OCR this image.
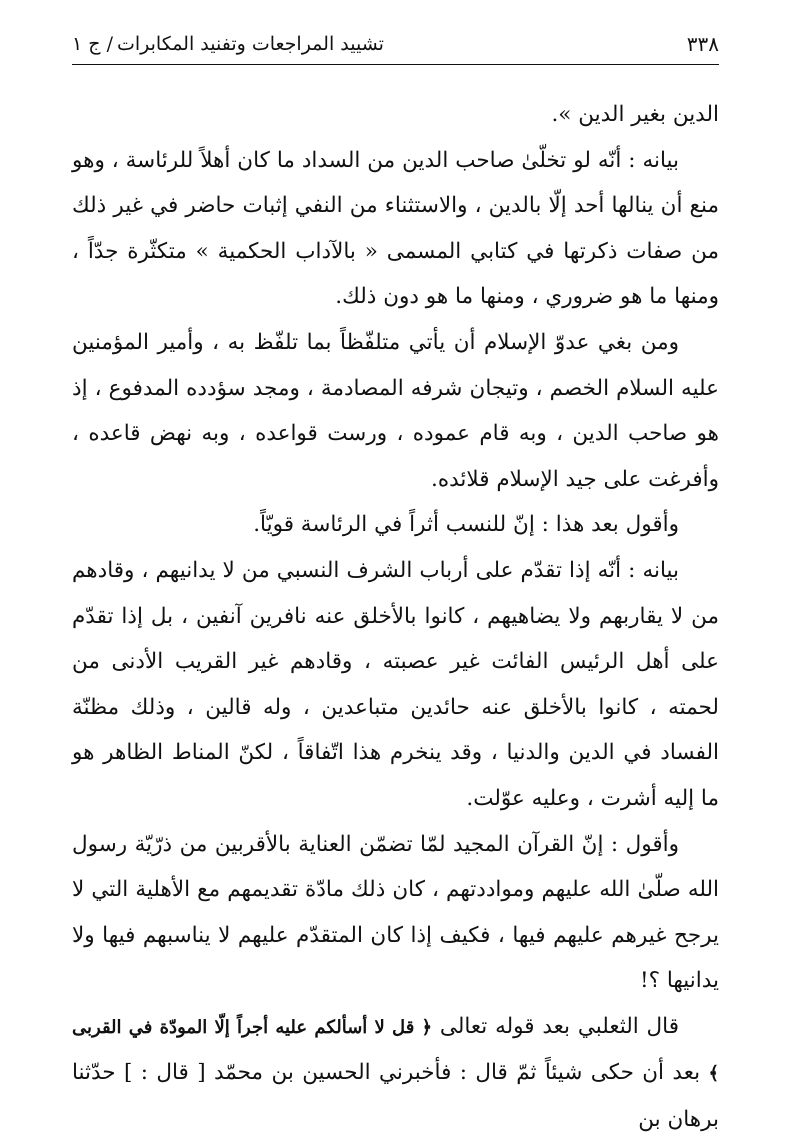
٣٣٨
تشييد المراجعات وتفنيد المكابرات
/ ج ١

الدين بغير الدين ».

بيانه : أنّه لو تخلّىٰ صاحب الدين من السداد ما كان أهلاً للرئاسة ، وهو منع أن ينالها أحد إلّا بالدين ، والاستثناء من النفي إثبات حاضر في غير ذلك من صفات ذكرتها في كتابي المسمى « بالآداب الحكمية » متكثّرة جدّاً ، ومنها ما هو ضروري ، ومنها ما هو دون ذلك.

ومن بغي عدوّ الإسلام أن يأتي متلفّظاً بما تلفّظ به ، وأمير المؤمنين عليه السلام الخصم ، وتيجان شرفه المصادمة ، ومجد سؤدده المدفوع ، إذ هو صاحب الدين ، وبه قام عموده ، ورست قواعده ، وبه نهض قاعده ، وأفرغت على جيد الإسلام قلائده.

وأقول بعد هذا : إنّ للنسب أثراً في الرئاسة قويّاً.

بيانه : أنّه إذا تقدّم على أرباب الشرف النسبي من لا يدانيهم ، وقادهم من لا يقاربهم ولا يضاهيهم ، كانوا بالأخلق عنه نافرين آنفين ، بل إذا تقدّم على أهل الرئيس الفائت غير عصبته ، وقادهم غير القريب الأدنى من لحمته ، كانوا بالأخلق عنه حائدين متباعدين ، وله قالين ، وذلك مظنّة الفساد في الدين والدنيا ، وقد ينخرم هذا اتّفاقاً ، لكنّ المناط الظاهر هو ما إليه أشرت ، وعليه عوّلت.

وأقول : إنّ القرآن المجيد لمّا تضمّن العناية بالأقربين من ذرّيّة رسول الله صلّىٰ الله عليهم ومواددتهم ، كان ذلك مادّة تقديمهم مع الأهلية التي لا يرجح غيرهم عليهم فيها ، فكيف إذا كان المتقدّم عليهم لا يناسبهم فيها ولا يدانيها ؟!

قال الثعلبي بعد قوله تعالى ﴿ قل لا أسألكم عليه أجراً إلّا المودّة في القربى ﴾ بعد أن حكى شيئاً ثمّ قال : فأخبرني الحسين بن محمّد [ قال : ] حدّثنا برهان بن
